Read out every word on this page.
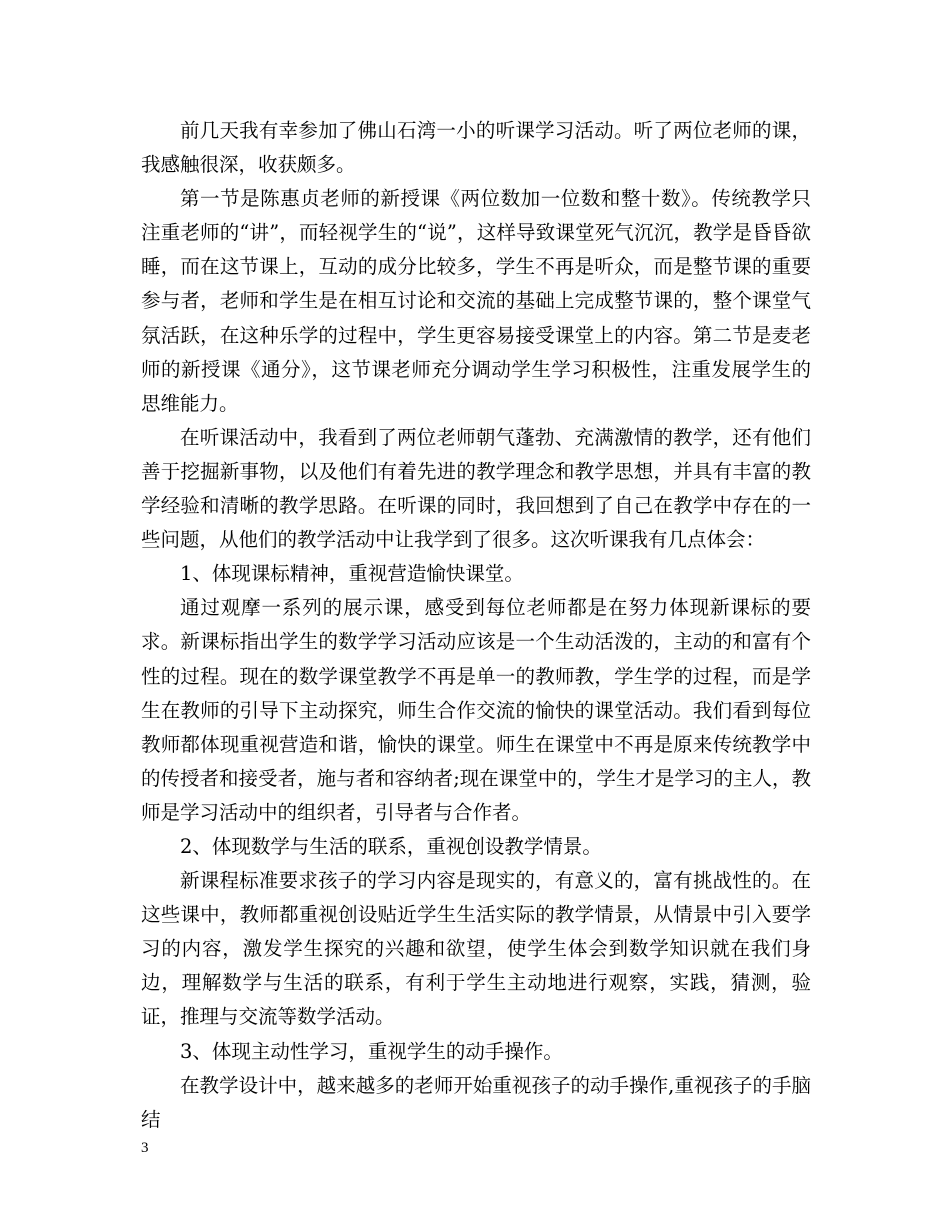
前几天我有幸参加了佛山石湾一小的听课学习活动。听了两位老师的课，我感触很深，收获颇多。

第一节是陈惠贞老师的新授课《两位数加一位数和整十数》。传统教学只注重老师的“讲”，而轻视学生的“说”，这样导致课堂死气沉沉，教学是昏昏欲睡，而在这节课上，互动的成分比较多，学生不再是听众，而是整节课的重要参与者，老师和学生是在相互讨论和交流的基础上完成整节课的，整个课堂气氛活跃，在这种乐学的过程中，学生更容易接受课堂上的内容。第二节是麦老师的新授课《通分》，这节课老师充分调动学生学习积极性，注重发展学生的思维能力。

在听课活动中，我看到了两位老师朝气蓬勃、充满激情的教学，还有他们善于挖掘新事物，以及他们有着先进的教学理念和教学思想，并具有丰富的教学经验和清晰的教学思路。在听课的同时，我回想到了自己在教学中存在的一些问题，从他们的教学活动中让我学到了很多。这次听课我有几点体会：

1、体现课标精神，重视营造愉快课堂。

通过观摩一系列的展示课，感受到每位老师都是在努力体现新课标的要求。新课标指出学生的数学学习活动应该是一个生动活泼的，主动的和富有个性的过程。现在的数学课堂教学不再是单一的教师教，学生学的过程，而是学生在教师的引导下主动探究，师生合作交流的愉快的课堂活动。我们看到每位教师都体现重视营造和谐，愉快的课堂。师生在课堂中不再是原来传统教学中的传授者和接受者，施与者和容纳者;现在课堂中的，学生才是学习的主人，教师是学习活动中的组织者，引导者与合作者。

2、体现数学与生活的联系，重视创设教学情景。

新课程标准要求孩子的学习内容是现实的，有意义的，富有挑战性的。在这些课中，教师都重视创设贴近学生生活实际的教学情景，从情景中引入要学习的内容，激发学生探究的兴趣和欲望，使学生体会到数学知识就在我们身边，理解数学与生活的联系，有利于学生主动地进行观察，实践，猜测，验证，推理与交流等数学活动。

3、体现主动性学习，重视学生的动手操作。

在教学设计中，越来越多的老师开始重视孩子的动手操作,重视孩子的手脑结

3
